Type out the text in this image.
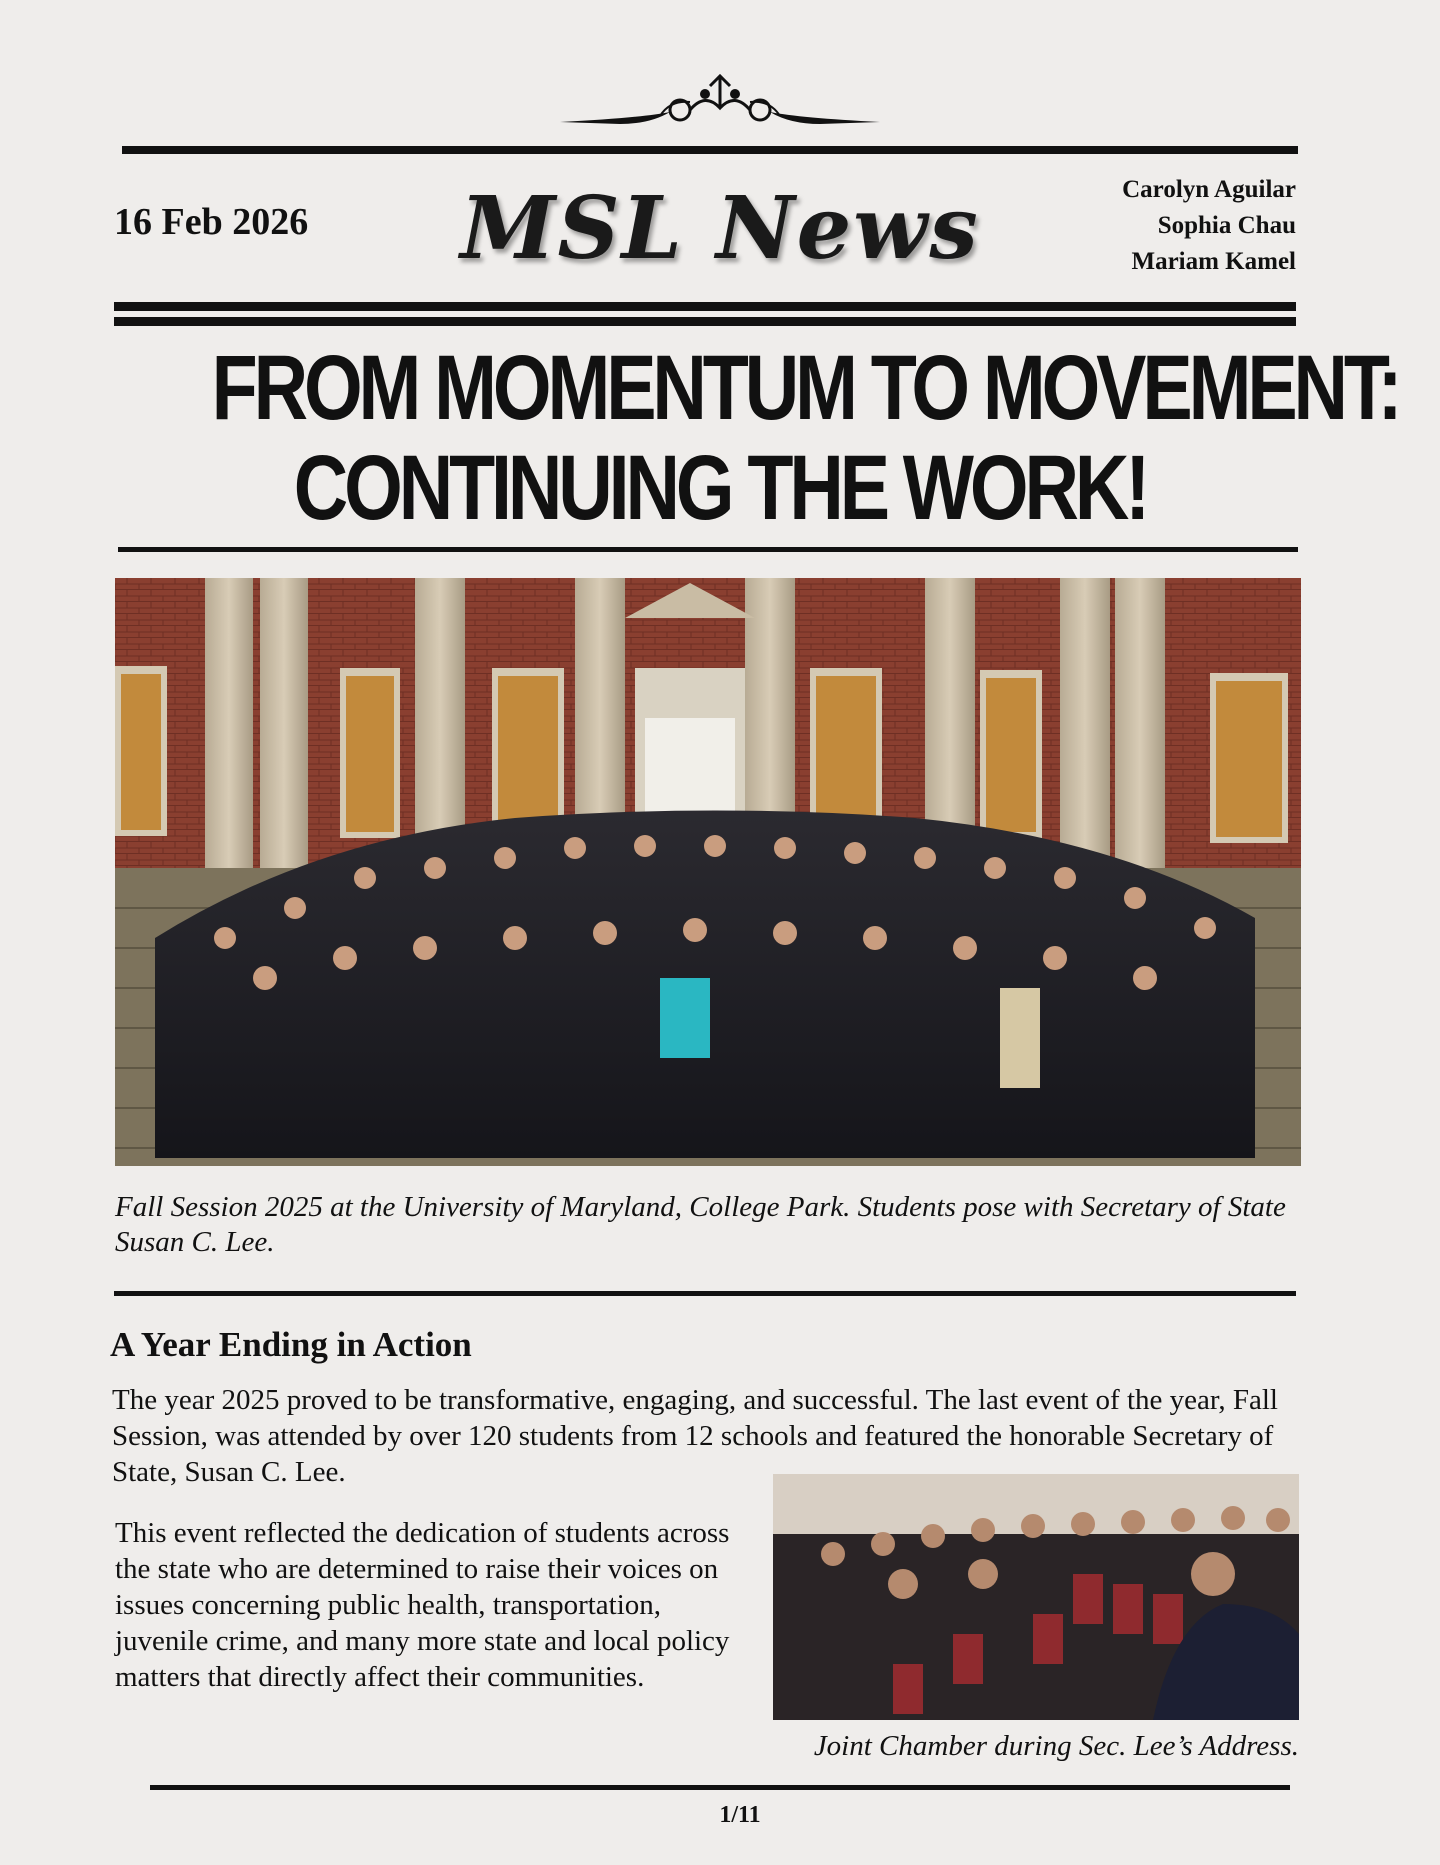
16 Feb 2026 MSL News	Carolyn Aguilar
Sophia Chau
Mariam Kamel
FROM MOMENTUM TO MOVEMENT:
CONTINUING THE WORK!
Fall Session 2025 at the University of Maryland, College Park. Students pose with Secretary of State Susan C. Lee.
A Year Ending in Action
The year 2025 proved to be transformative, engaging, and successful. The last event of the year, Fall Session, was attended by over 120 students from 12 schools and featured the honorable Secretary of State, Susan C. Lee.
This event reflected the dedication of students across the state who are determined to raise their voices on issues concerning public health, transportation, juvenile crime, and many more state and local policy matters that directly affect their communities.
Joint Chamber during Sec. Lee’s Address.
1/11
